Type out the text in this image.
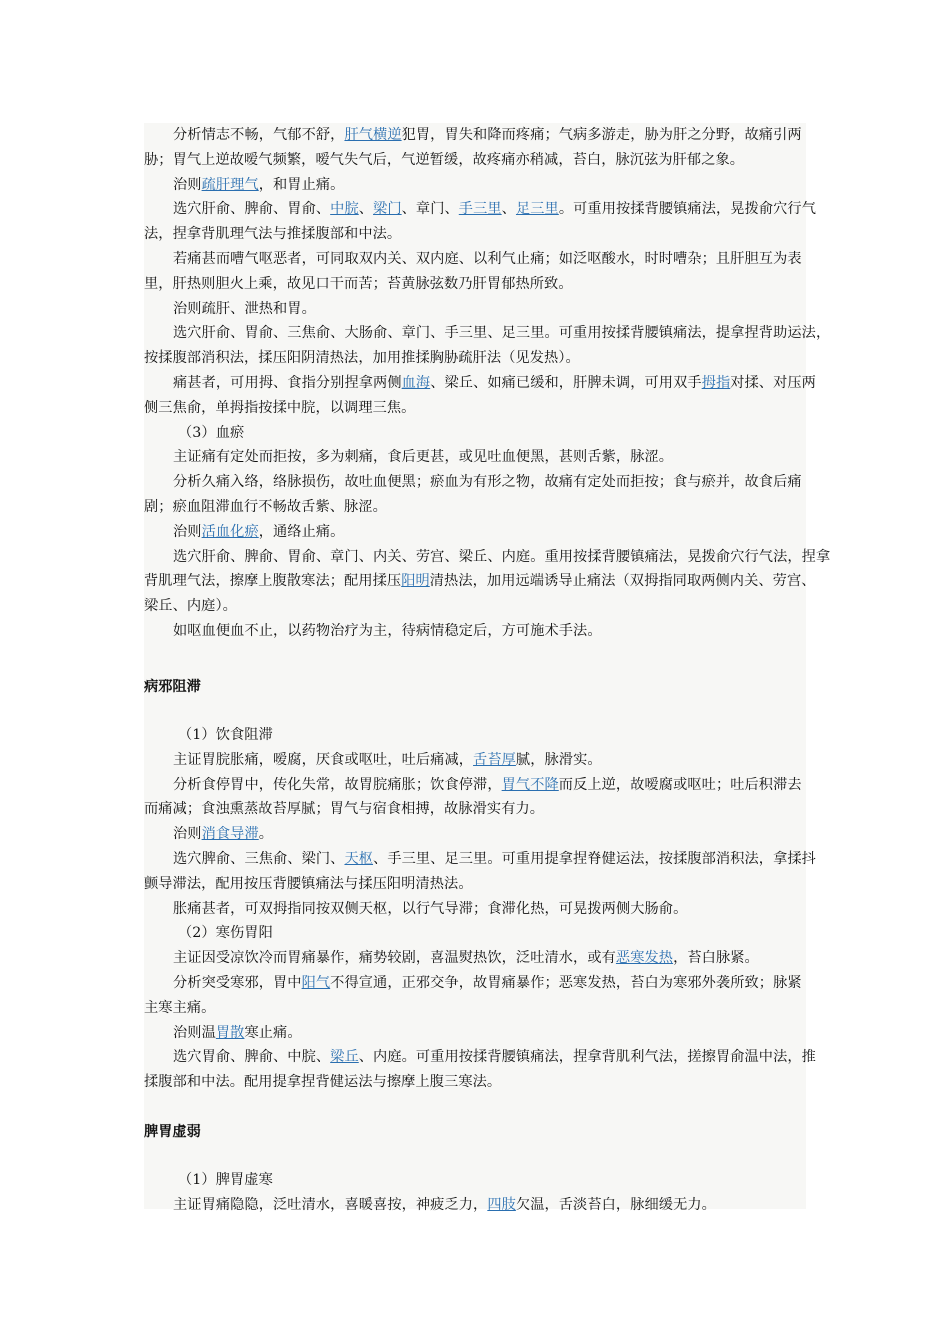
分析情志不畅，气郁不舒，肝气横逆犯胃，胃失和降而疼痛；气病多游走，胁为肝之分野，故痛引两
胁；胃气上逆故嗳气频繁，嗳气失气后，气逆暂缓，故疼痛亦稍减，苔白，脉沉弦为肝郁之象。
治则疏肝理气，和胃止痛。
选穴肝俞、脾俞、胃俞、中脘、梁门、章门、手三里、足三里。可重用按揉背腰镇痛法，晃拨俞穴行气
法，捏拿背肌理气法与推揉腹部和中法。
若痛甚而嘈气呕恶者，可同取双内关、双内庭、以利气止痛；如泛呕酸水，时时嘈杂；且肝胆互为表
里，肝热则胆火上乘，故见口干而苦；苔黄脉弦数乃肝胃郁热所致。
治则疏肝、泄热和胃。
选穴肝俞、胃俞、三焦俞、大肠俞、章门、手三里、足三里。可重用按揉背腰镇痛法，提拿捏背助运法，
按揉腹部消积法，揉压阳阴清热法，加用推揉胸胁疏肝法（见发热）。
痛甚者，可用拇、食指分别捏拿两侧血海、梁丘、如痛已缓和，肝脾未调，可用双手拇指对揉、对压两
侧三焦俞，单拇指按揉中脘，以调理三焦。
（3）血瘀
主证痛有定处而拒按，多为刺痛，食后更甚，或见吐血便黑，甚则舌紫，脉涩。
分析久痛入络，络脉损伤，故吐血便黑；瘀血为有形之物，故痛有定处而拒按；食与瘀并，故食后痛
剧；瘀血阻滞血行不畅故舌紫、脉涩。
治则活血化瘀，通络止痛。
选穴肝俞、脾俞、胃俞、章门、内关、劳宫、梁丘、内庭。重用按揉背腰镇痛法，晃拨俞穴行气法，捏拿
背肌理气法，擦摩上腹散寒法；配用揉压阳明清热法，加用远端诱导止痛法（双拇指同取两侧内关、劳宫、
梁丘、内庭）。
如呕血便血不止，以药物治疗为主，待病情稳定后，方可施术手法。
病邪阻滞
（1）饮食阻滞
主证胃脘胀痛，嗳腐，厌食或呕吐，吐后痛减，舌苔厚腻，脉滑实。
分析食停胃中，传化失常，故胃脘痛胀；饮食停滞，胃气不降而反上逆，故嗳腐或呕吐；吐后积滞去
而痛减；食浊熏蒸故苔厚腻；胃气与宿食相搏，故脉滑实有力。
治则消食导滞。
选穴脾俞、三焦俞、梁门、天枢、手三里、足三里。可重用提拿捏脊健运法，按揉腹部消积法，拿揉抖
颤导滞法，配用按压背腰镇痛法与揉压阳明清热法。
胀痛甚者，可双拇指同按双侧天枢，以行气导滞；食滞化热，可晃拨两侧大肠俞。
（2）寒伤胃阳
主证因受凉饮冷而胃痛暴作，痛势较剧，喜温熨热饮，泛吐清水，或有恶寒发热，苔白脉紧。
分析突受寒邪，胃中阳气不得宣通，正邪交争，故胃痛暴作；恶寒发热，苔白为寒邪外袭所致；脉紧
主寒主痛。
治则温胃散寒止痛。
选穴胃俞、脾俞、中脘、梁丘、内庭。可重用按揉背腰镇痛法，捏拿背肌利气法，搓擦胃俞温中法，推
揉腹部和中法。配用提拿捏背健运法与擦摩上腹三寒法。
脾胃虚弱
（1）脾胃虚寒
主证胃痛隐隐，泛吐清水，喜暖喜按，神疲乏力，四肢欠温，舌淡苔白，脉细缓无力。
